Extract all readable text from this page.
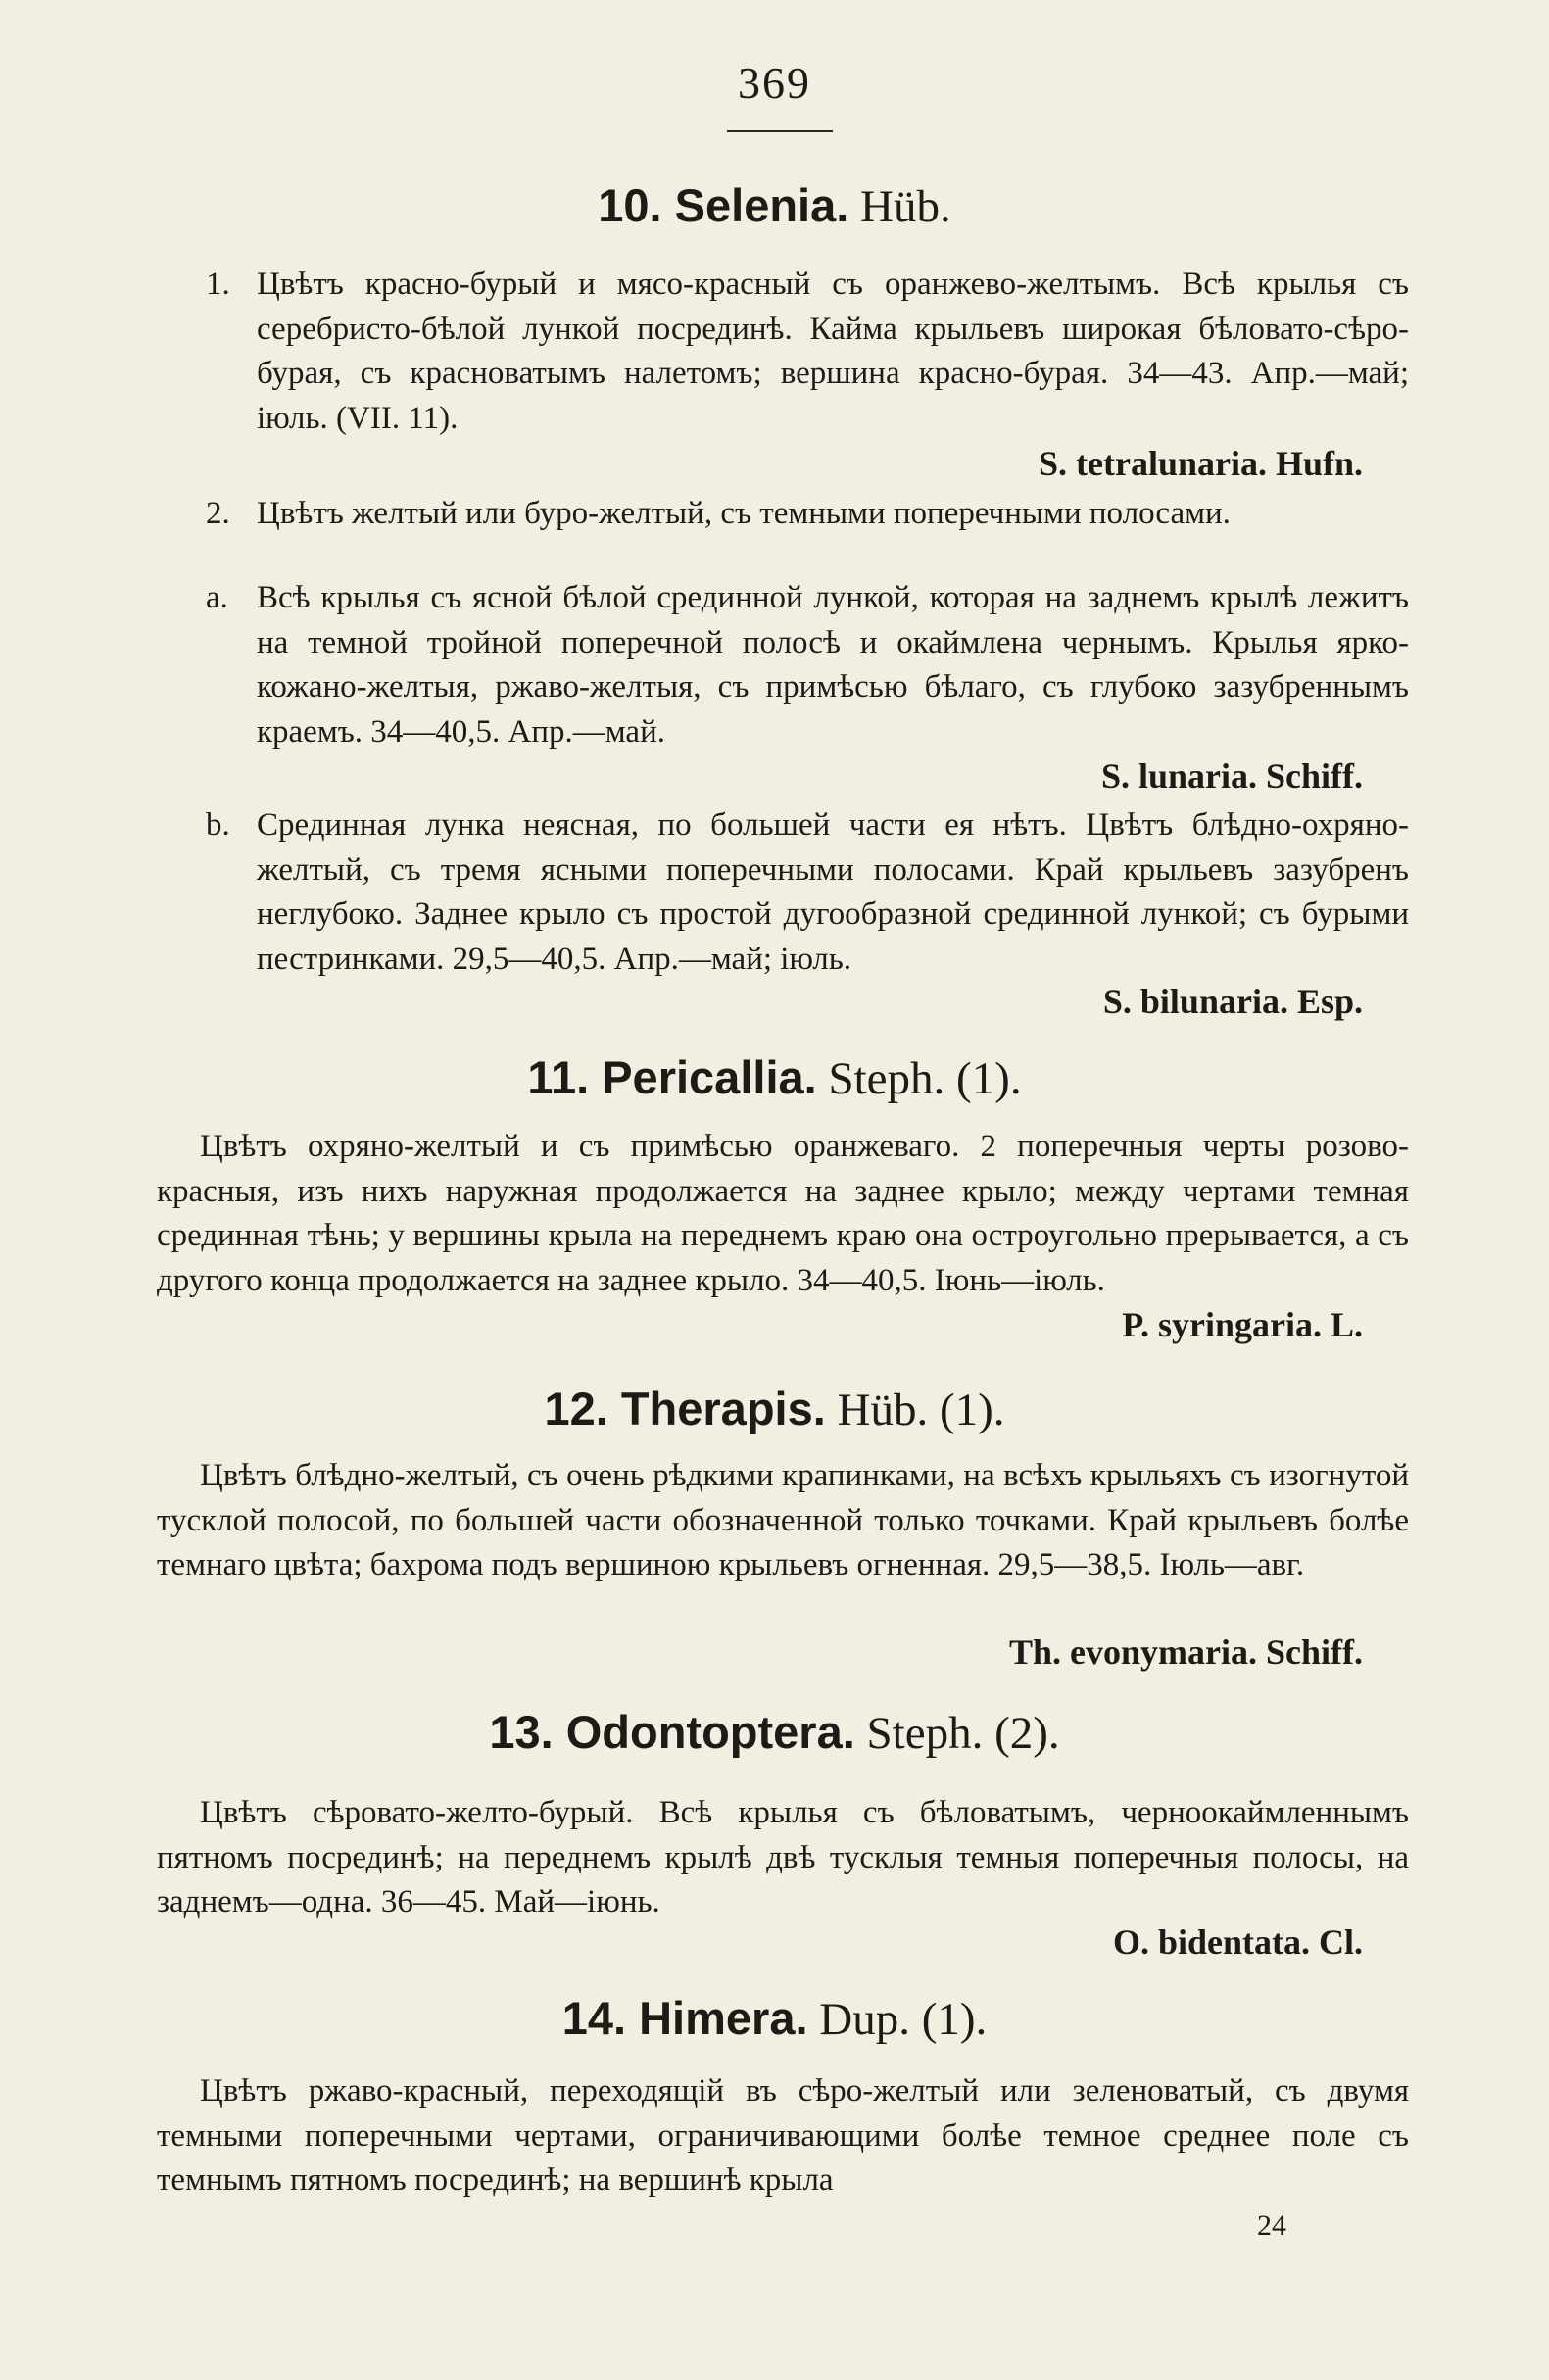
369
10. Selenia. Hüb.
1. Цвѣтъ красно-бурый и мясо-красный съ оранжево-желтымъ. Всѣ крылья съ серебристо-бѣлой лункой посрединѣ. Кайма крыльевъ широкая бѣловато-сѣро-бурая, съ красноватымъ налетомъ; вершина красно-бурая. 34—43. Апр.—май; іюль. (VII. 11).
S. tetralunaria. Hufn.
2. Цвѣтъ желтый или буро-желтый, съ темными поперечными полосами.
a. Всѣ крылья съ ясной бѣлой срединной лункой, которая на заднемъ крылѣ лежитъ на темной тройной поперечной полосѣ и окаймлена чернымъ. Крылья ярко-кожано-желтыя, ржаво-желтыя, съ примѣсью бѣлаго, съ глубоко зазубреннымъ краемъ. 34—40,5. Апр.—май.
S. lunaria. Schiff.
b. Срединная лунка неясная, по большей части ея нѣтъ. Цвѣтъ блѣдно-охряно-желтый, съ тремя ясными поперечными полосами. Край крыльевъ зазубренъ неглубоко. Заднее крыло съ простой дугообразной срединной лункой; съ бурыми пестринками. 29,5—40,5. Апр.—май; іюль.
S. bilunaria. Esp.
11. Pericallia. Steph. (1).
Цвѣтъ охряно-желтый и съ примѣсью оранжеваго. 2 поперечныя черты розово-красныя, изъ нихъ наружная продолжается на заднее крыло; между чертами темная срединная тѣнь; у вершины крыла на переднемъ краю она остроугольно прерывается, а съ другого конца продолжается на заднее крыло. 34—40,5. Іюнь—іюль.
P. syringaria. L.
12. Therapis. Hüb. (1).
Цвѣтъ блѣдно-желтый, съ очень рѣдкими крапинками, на всѣхъ крыльяхъ съ изогнутой тусклой полосой, по большей части обозначенной только точками. Край крыльевъ болѣе темнаго цвѣта; бахрома подъ вершиною крыльевъ огненная. 29,5—38,5. Іюль—авг.
Th. evonymaria. Schiff.
13. Odontoptera. Steph. (2).
Цвѣтъ сѣровато-желто-бурый. Всѣ крылья съ бѣловатымъ, черноокаймленнымъ пятномъ посрединѣ; на переднемъ крылѣ двѣ тусклыя темныя поперечныя полосы, на заднемъ—одна. 36—45. Май—іюнь.
O. bidentata. Cl.
14. Himera. Dup. (1).
Цвѣтъ ржаво-красный, переходящій въ сѣро-желтый или зеленоватый, съ двумя темными поперечными чертами, ограничивающими болѣе темное среднее поле съ темнымъ пятномъ посрединѣ; на вершинѣ крыла
24
